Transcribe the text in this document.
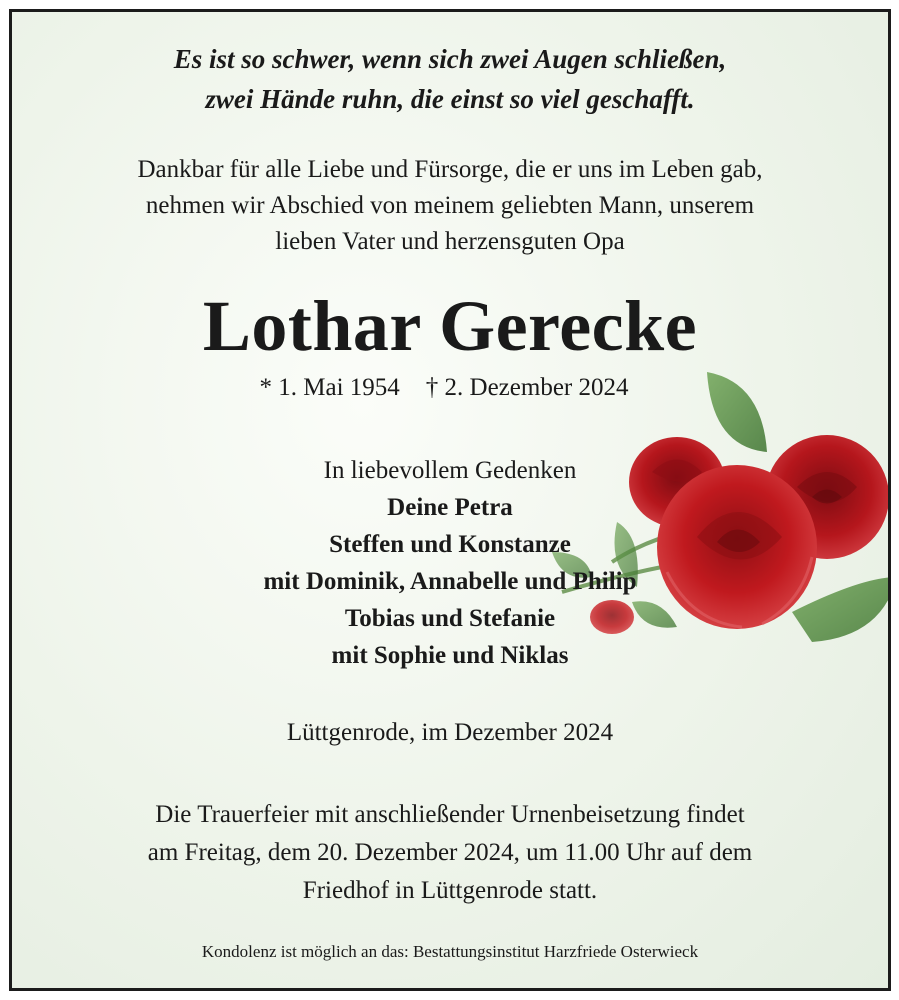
Es ist so schwer, wenn sich zwei Augen schließen,
zwei Hände ruhn, die einst so viel geschafft.
Dankbar für alle Liebe und Fürsorge, die er uns im Leben gab,
nehmen wir Abschied von meinem geliebten Mann, unserem
lieben Vater und herzensguten Opa
Lothar Gerecke
* 1. Mai 1954 † 2. Dezember 2024
In liebevollem Gedenken
Deine Petra
Steffen und Konstanze
mit Dominik, Annabelle und Philip
Tobias und Stefanie
mit Sophie und Niklas
Lüttgenrode, im Dezember 2024
Die Trauerfeier mit anschließender Urnenbeisetzung findet
am Freitag, dem 20. Dezember 2024, um 11.00 Uhr auf dem
Friedhof in Lüttgenrode statt.
Kondolenz ist möglich an das: Bestattungsinstitut Harzfriede Osterwieck
